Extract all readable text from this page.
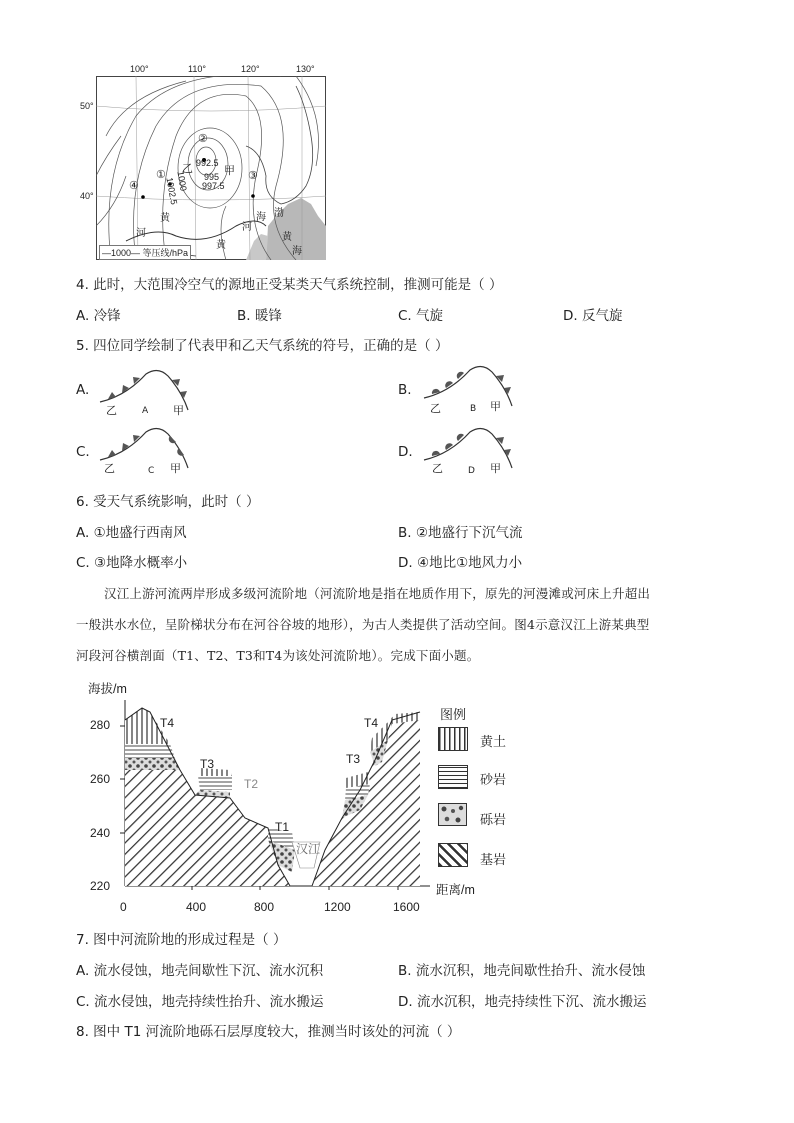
100°	110°	120°	130°
50°
40°
①
②
③
④
992.5
995
997.5
1000
1002.5
甲
乙
黄
河
黄
海 渤
河
黄
海
—1000— 等压线/hPa
4. 此时，大范围冷空气的源地正受某类天气系统控制，推测可能是（ ）
A. 冷锋	B. 暖锋	C. 气旋	D. 反气旋
5. 四位同学绘制了代表甲和乙天气系统的符号，正确的是（ ）
A.
乙	A 甲
B.
乙	B 甲
C.
乙	C 甲
D.
乙	D 甲
6. 受天气系统影响，此时（ ）
A. ①地盛行西南风	B. ②地盛行下沉气流
C. ③地降水概率小	D. ④地比①地风力小

汉江上游河流两岸形成多级河流阶地（河流阶地是指在地质作用下，原先的河漫滩或河床上升超出

一般洪水水位，呈阶梯状分布在河谷谷坡的地形），为古人类提供了活动空间。图4示意汉江上游某典型

河段河谷横剖面（T1、T2、T3和T4为该处河流阶地）。完成下面小题。

海拔/m
280
260
240
220
0	400	800	1200	1600
距离/m
T4
T3
T2
T1
T4
T3
汉江
图例
黄土
砂岩
砾岩
基岩
7. 图中河流阶地的形成过程是（ ）
A. 流水侵蚀，地壳间歇性下沉、流水沉积	B. 流水沉积，地壳间歇性抬升、流水侵蚀
C. 流水侵蚀，地壳持续性抬升、流水搬运	D. 流水沉积，地壳持续性下沉、流水搬运
8. 图中 T1 河流阶地砾石层厚度较大，推测当时该处的河流（ ）
